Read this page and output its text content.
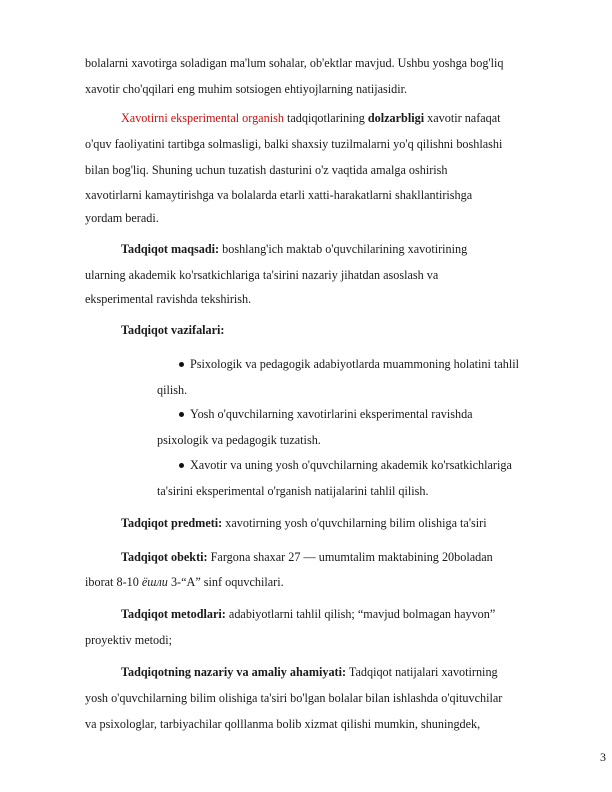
bolalarni xavotirga soladigan ma'lum sohalar, ob'ektlar mavjud. Ushbu yoshga bog'liq
xavotir cho'qqilari eng muhim sotsiogen ehtiyojlarning natijasidir.
Xavotirni eksperimental organish tadqiqotlarining dolzarbligi xavotir nafaqat
o'quv faoliyatini tartibga solmasligi, balki shaxsiy tuzilmalarni yo'q qilishni boshlashi
bilan bog'liq. Shuning uchun tuzatish dasturini o'z vaqtida amalga oshirish
xavotirlarni kamaytirishga va bolalarda etarli xatti-harakatlarni shakllantirishga
yordam beradi.
Tadqiqot maqsadi: boshlang'ich maktab o'quvchilarining xavotirining
ularning akademik ko'rsatkichlariga ta'sirini nazariy jihatdan asoslash va
eksperimental ravishda tekshirish.
Tadqiqot vazifalari:
Psixologik va pedagogik adabiyotlarda muammoning holatini tahlil
qilish.
Yosh o'quvchilarning xavotirlarini eksperimental ravishda
psixologik va pedagogik tuzatish.
Xavotir va uning yosh o'quvchilarning akademik ko'rsatkichlariga
ta'sirini eksperimental o'rganish natijalarini tahlil qilish.
Tadqiqot predmeti: xavotirning yosh o'quvchilarning bilim olishiga ta'siri
Tadqiqot obekti: Fargona shaxar 27 — umumtalim maktabining 20boladan
iborat 8-10 ёшли 3-“A” sinf oquvchilari.
Tadqiqot metodlari: adabiyotlarni tahlil qilish; “mavjud bolmagan hayvon”
proyektiv metodi;
Tadqiqotning nazariy va amaliy ahamiyati: Tadqiqot natijalari xavotirning
yosh o'quvchilarning bilim olishiga ta'siri bo'lgan bolalar bilan ishlashda o'qituvchilar
va psixologlar, tarbiyachilar qolllanma bolib xizmat qilishi mumkin, shuningdek,
3
